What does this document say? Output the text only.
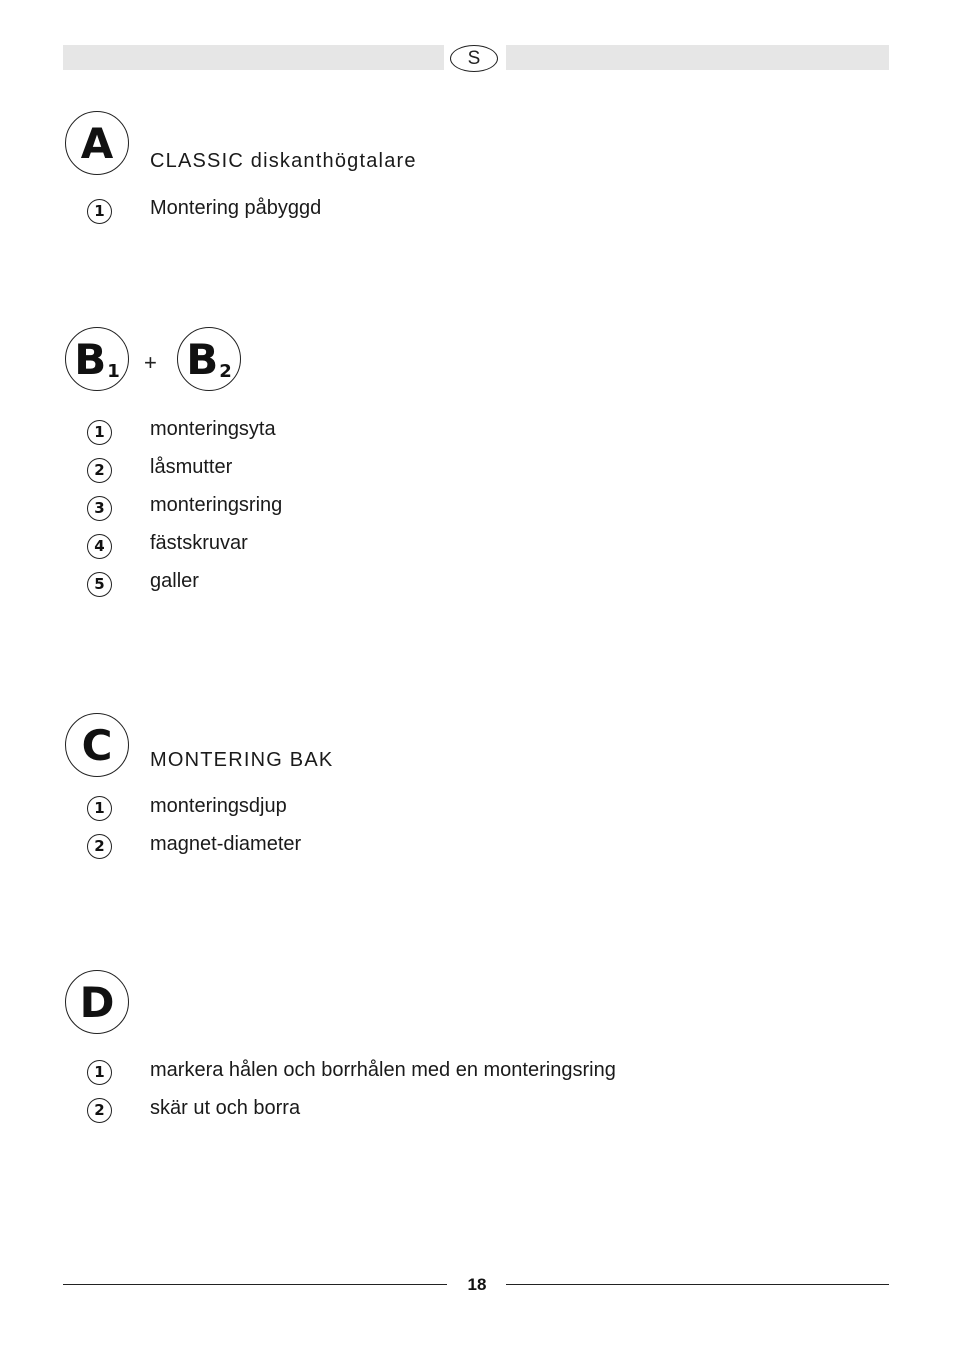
S
A CLASSIC diskanthögtalare
1	Montering påbyggd
B 1 + B 2
1	monteringsyta
2	låsmutter
3	monteringsring
4	fästskruvar
5	galler
C MONTERING BAK
1	monteringsdjup
2	magnet-diameter
D
1	markera hålen och borrhålen med en monteringsring
2	skär ut och borra
18
